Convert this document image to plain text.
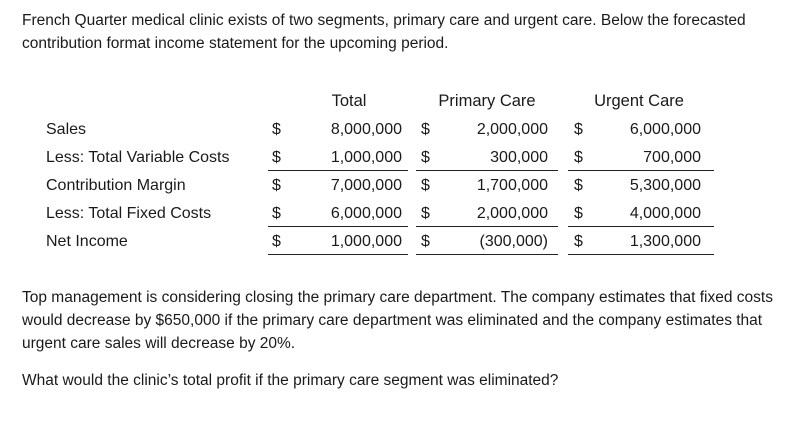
French Quarter medical clinic exists of two segments, primary care and urgent care. Below the forecasted contribution format income statement for the upcoming period.
Total	Primary Care	Urgent Care
Sales	$	8,000,000 $	2,000,000 $	6,000,000
Less: Total Variable Costs	$	1,000,000 $	300,000 $	700,000
Contribution Margin	$	7,000,000 $	1,700,000 $	5,300,000
Less: Total Fixed Costs	$	6,000,000 $	2,000,000 $	4,000,000
Net Income	$	1,000,000 $	(300,000) $	1,300,000
Top management is considering closing the primary care department. The company estimates that fixed costs would decrease by $650,000 if the primary care department was eliminated and the company estimates that urgent care sales will decrease by 20%.
What would the clinic’s total profit if the primary care segment was eliminated?
